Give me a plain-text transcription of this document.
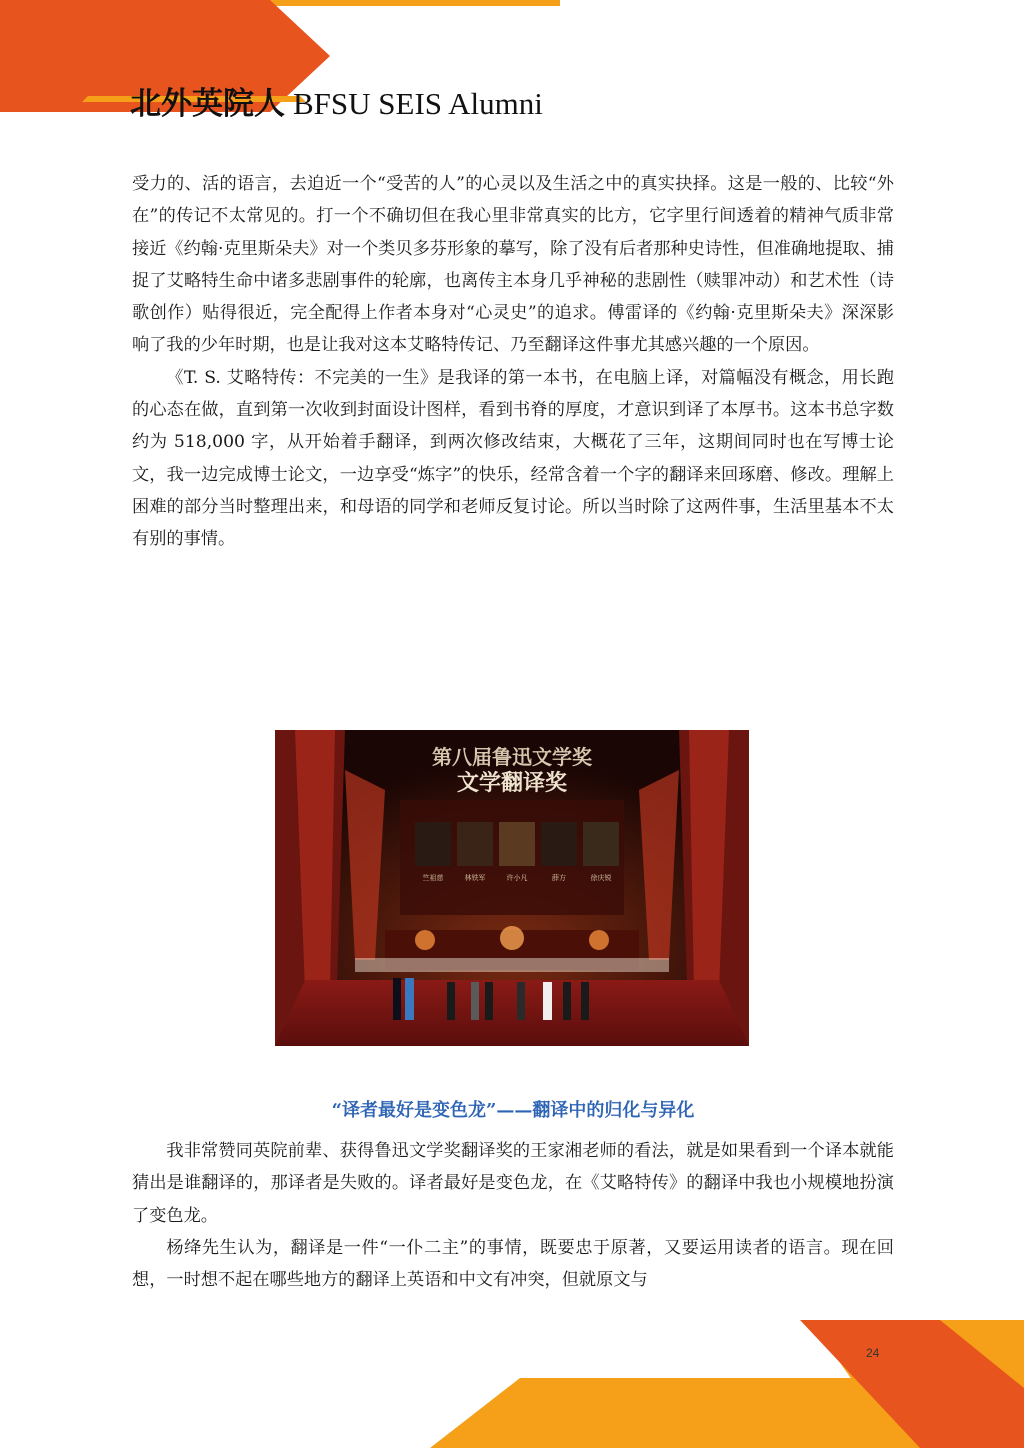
北外英院人 BFSU SEIS Alumni

受力的、活的语言，去迫近一个“受苦的人”的心灵以及生活之中的真实抉择。这是一般的、比较“外在”的传记不太常见的。打一个不确切但在我心里非常真实的比方，它字里行间透着的精神气质非常接近《约翰·克里斯朵夫》对一个类贝多芬形象的摹写，除了没有后者那种史诗性，但准确地提取、捕捉了艾略特生命中诸多悲剧事件的轮廓，也离传主本身几乎神秘的悲剧性（赎罪冲动）和艺术性（诗歌创作）贴得很近，完全配得上作者本身对“心灵史”的追求。傅雷译的《约翰·克里斯朵夫》深深影响了我的少年时期，也是让我对这本艾略特传记、乃至翻译这件事尤其感兴趣的一个原因。

《T. S. 艾略特传：不完美的一生》是我译的第一本书，在电脑上译，对篇幅没有概念，用长跑的心态在做，直到第一次收到封面设计图样，看到书脊的厚度，才意识到译了本厚书。这本书总字数约为 518,000 字，从开始着手翻译，到两次修改结束，大概花了三年，这期间同时也在写博士论文，我一边完成博士论文，一边享受“炼字”的快乐，经常含着一个字的翻译来回琢磨、修改。理解上困难的部分当时整理出来，和母语的同学和老师反复讨论。所以当时除了这两件事，生活里基本不太有别的事情。

第八届鲁迅文学奖
文学翻译奖
竺祖慈	林铁军	许小凡	薛方	徐庆锐
“译者最好是变色龙”——翻译中的归化与异化

我非常赞同英院前辈、获得鲁迅文学奖翻译奖的王家湘老师的看法，就是如果看到一个译本就能猜出是谁翻译的，那译者是失败的。译者最好是变色龙，在《艾略特传》的翻译中我也小规模地扮演了变色龙。

杨绛先生认为，翻译是一件“一仆二主”的事情，既要忠于原著，又要运用读者的语言。现在回想，一时想不起在哪些地方的翻译上英语和中文有冲突，但就原文与

24
